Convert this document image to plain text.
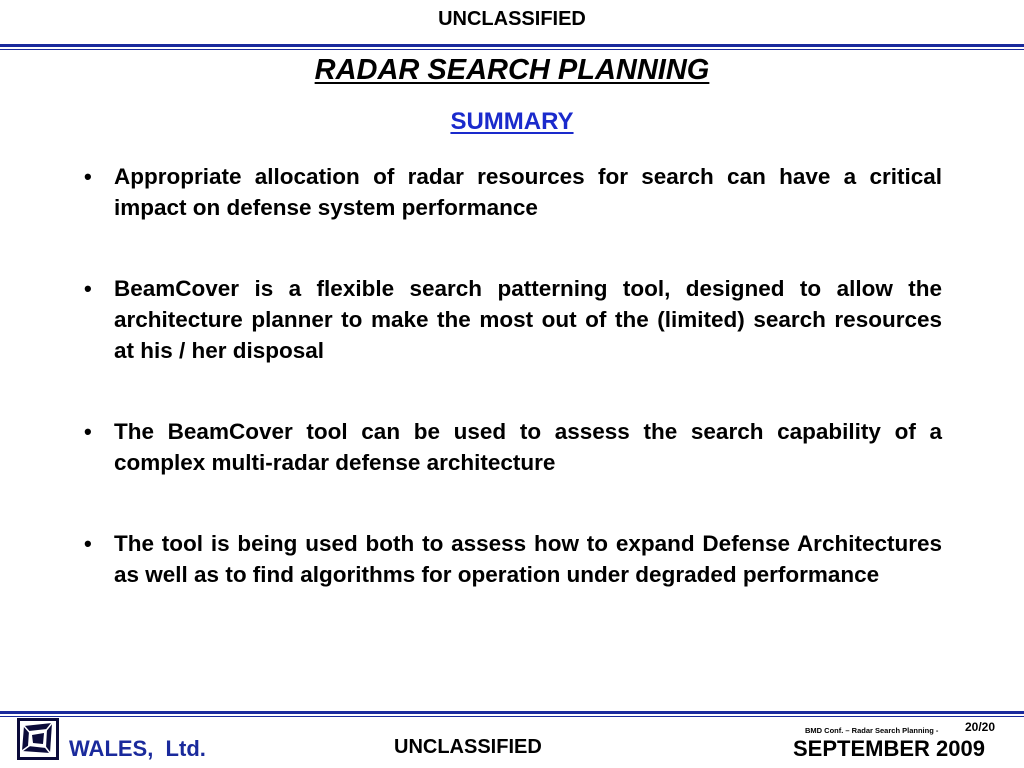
UNCLASSIFIED
RADAR SEARCH PLANNING
SUMMARY
• Appropriate allocation of radar resources for search can have a critical impact on defense system performance
• BeamCover is a flexible search patterning tool, designed to allow the architecture planner to make the most out of the (limited) search resources at his / her disposal
• The BeamCover tool can be used to assess the search capability of a complex multi-radar defense architecture
• The tool is being used both to assess how to expand Defense Architectures as well as to find algorithms for operation under degraded performance
WALES,  Ltd.	UNCLASSIFIED
BMD Conf. – Radar Search Planning - 20/20
SEPTEMBER 2009
